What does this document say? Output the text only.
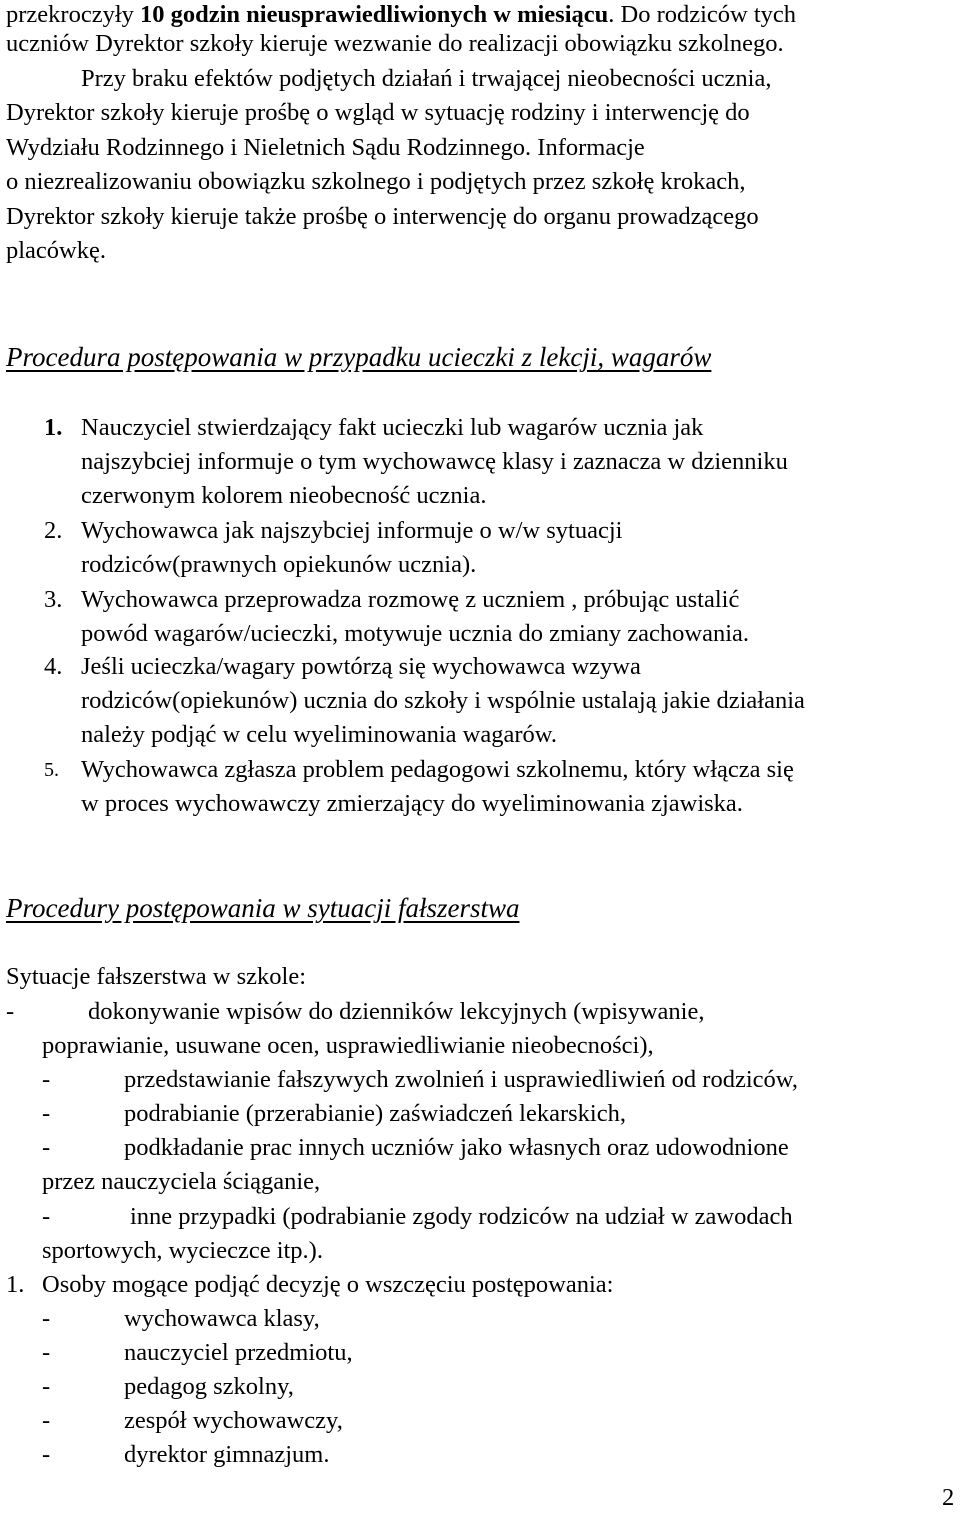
przekroczyły 10 godzin nieusprawiedliwionych w miesiącu. Do rodziców tych
uczniów Dyrektor szkoły kieruje wezwanie do realizacji obowiązku szkolnego.
Przy braku efektów podjętych działań i trwającej nieobecności ucznia,
Dyrektor szkoły kieruje prośbę o wgląd w sytuację rodziny i interwencję do
Wydziału Rodzinnego i Nieletnich Sądu Rodzinnego. Informacje
o niezrealizowaniu obowiązku szkolnego i podjętych przez szkołę krokach,
Dyrektor szkoły kieruje także prośbę o interwencję do organu prowadzącego
placówkę.
Procedura postępowania w przypadku ucieczki z lekcji, wagarów
1. Nauczyciel stwierdzający fakt ucieczki lub wagarów ucznia jak
najszybciej informuje o tym wychowawcę klasy i zaznacza w dzienniku
czerwonym kolorem nieobecność ucznia.
2. Wychowawca jak najszybciej informuje o w/w sytuacji
rodziców(prawnych opiekunów ucznia).
3. Wychowawca przeprowadza rozmowę z uczniem , próbując ustalić
powód wagarów/ucieczki, motywuje ucznia do zmiany zachowania.
4. Jeśli ucieczka/wagary powtórzą się wychowawca wzywa
rodziców(opiekunów) ucznia do szkoły i wspólnie ustalają jakie działania
należy podjąć w celu wyeliminowania wagarów.
5. Wychowawca zgłasza problem pedagogowi szkolnemu, który włącza się
w proces wychowawczy zmierzający do wyeliminowania zjawiska.
Procedury postępowania w sytuacji fałszerstwa
Sytuacje fałszerstwa w szkole:
-	dokonywanie wpisów do dzienników lekcyjnych (wpisywanie,
poprawianie, usuwane ocen, usprawiedliwianie nieobecności),
-	przedstawianie fałszywych zwolnień i usprawiedliwień od rodziców,
-	podrabianie (przerabianie) zaświadczeń lekarskich,
-	podkładanie prac innych uczniów jako własnych oraz udowodnione
przez nauczyciela ściąganie,
-	inne przypadki (podrabianie zgody rodziców na udział w zawodach
sportowych, wycieczce itp.).
1. Osoby mogące podjąć decyzję o wszczęciu postępowania:
-	wychowawca klasy,
-	nauczyciel przedmiotu,
-	pedagog szkolny,
-	zespół wychowawczy,
-	dyrektor gimnazjum.
2
